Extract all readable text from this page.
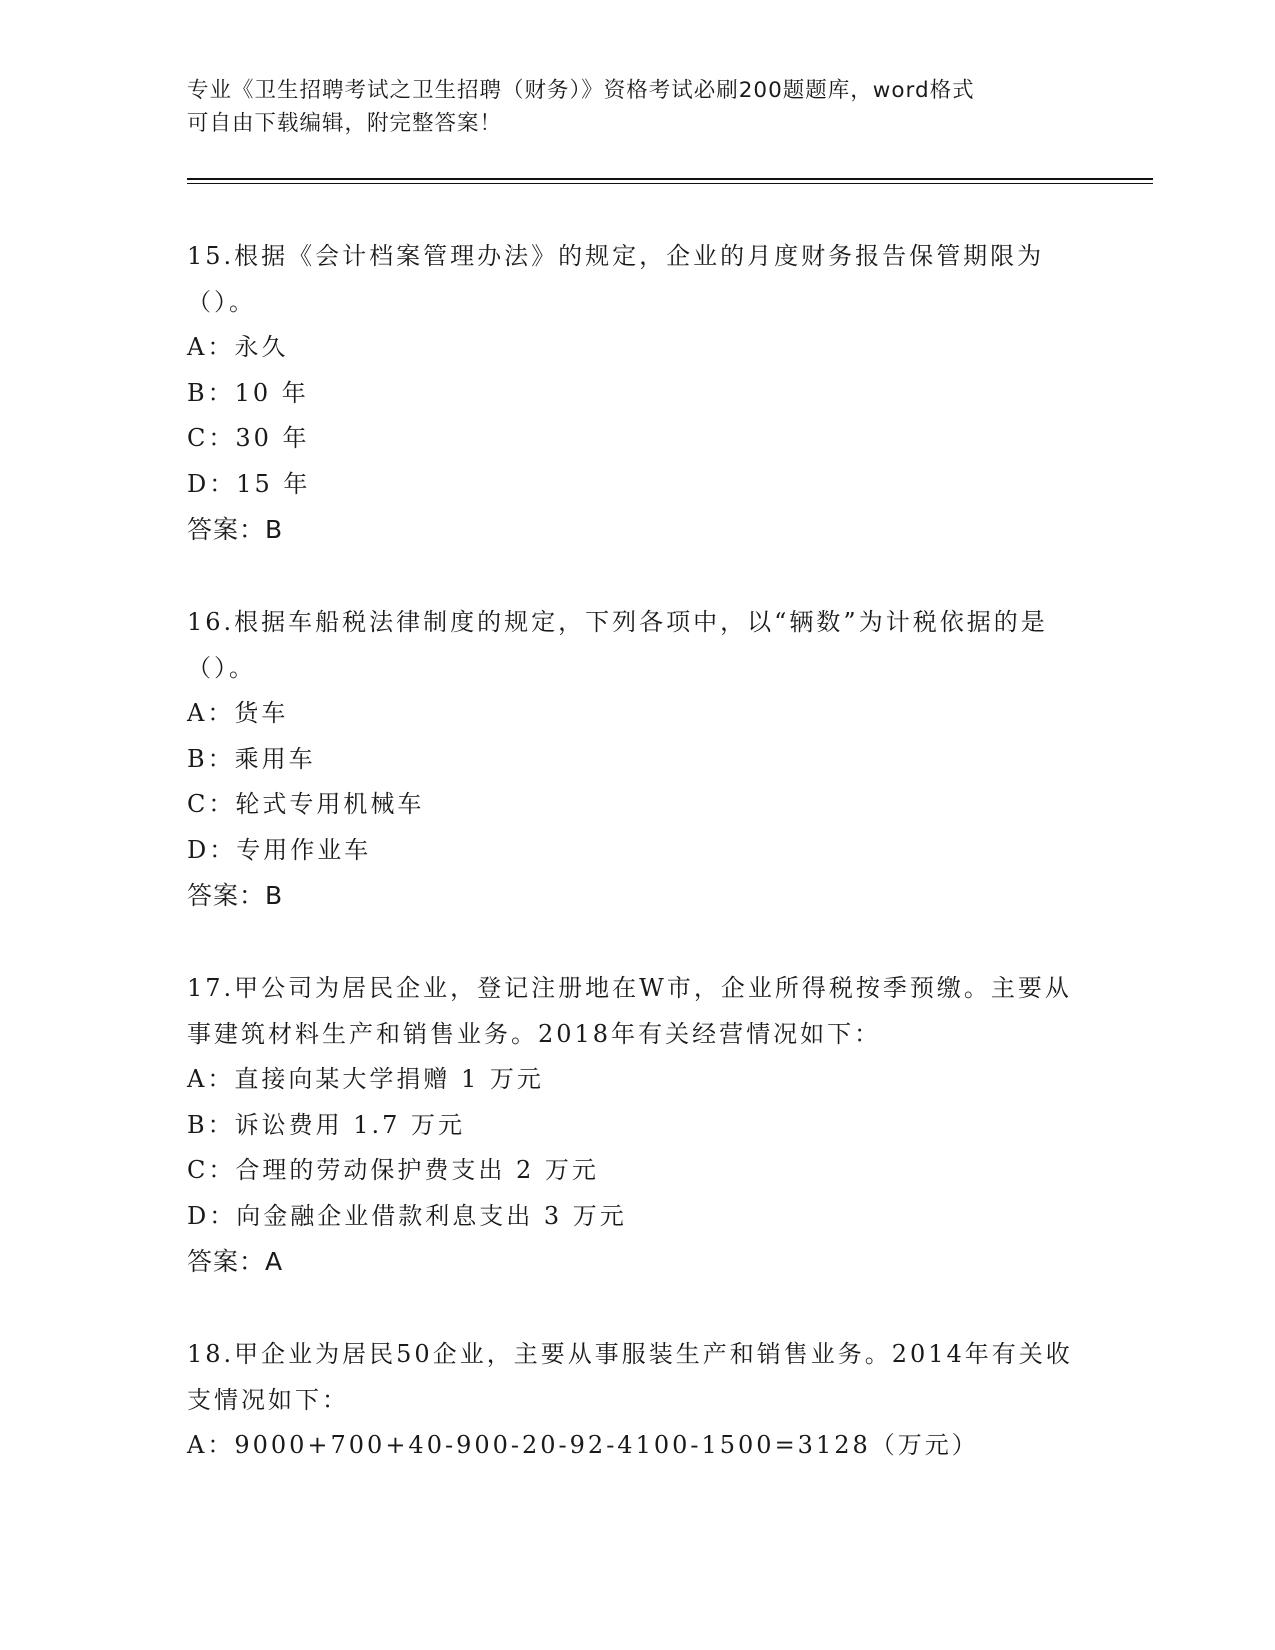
专业《卫生招聘考试之卫生招聘（财务）》资格考试必刷200题题库，word格式
可自由下载编辑，附完整答案！
15.根据《会计档案管理办法》的规定，企业的月度财务报告保管期限为（）。
A：永久
B：10 年
C：30 年
D：15 年
答案：B
16.根据车船税法律制度的规定，下列各项中，以“辆数”为计税依据的是（）。
A：货车
B：乘用车
C：轮式专用机械车
D：专用作业车
答案：B
17.甲公司为居民企业，登记注册地在W市，企业所得税按季预缴。主要从事建筑材料生产和销售业务。2018年有关经营情况如下：
A：直接向某大学捐赠 1 万元
B：诉讼费用 1.7 万元
C：合理的劳动保护费支出 2 万元
D：向金融企业借款利息支出 3 万元
答案：A
18.甲企业为居民50企业，主要从事服装生产和销售业务。2014年有关收支情况如下：
A：9000+700+40-900-20-92-4100-1500=3128（万元）
